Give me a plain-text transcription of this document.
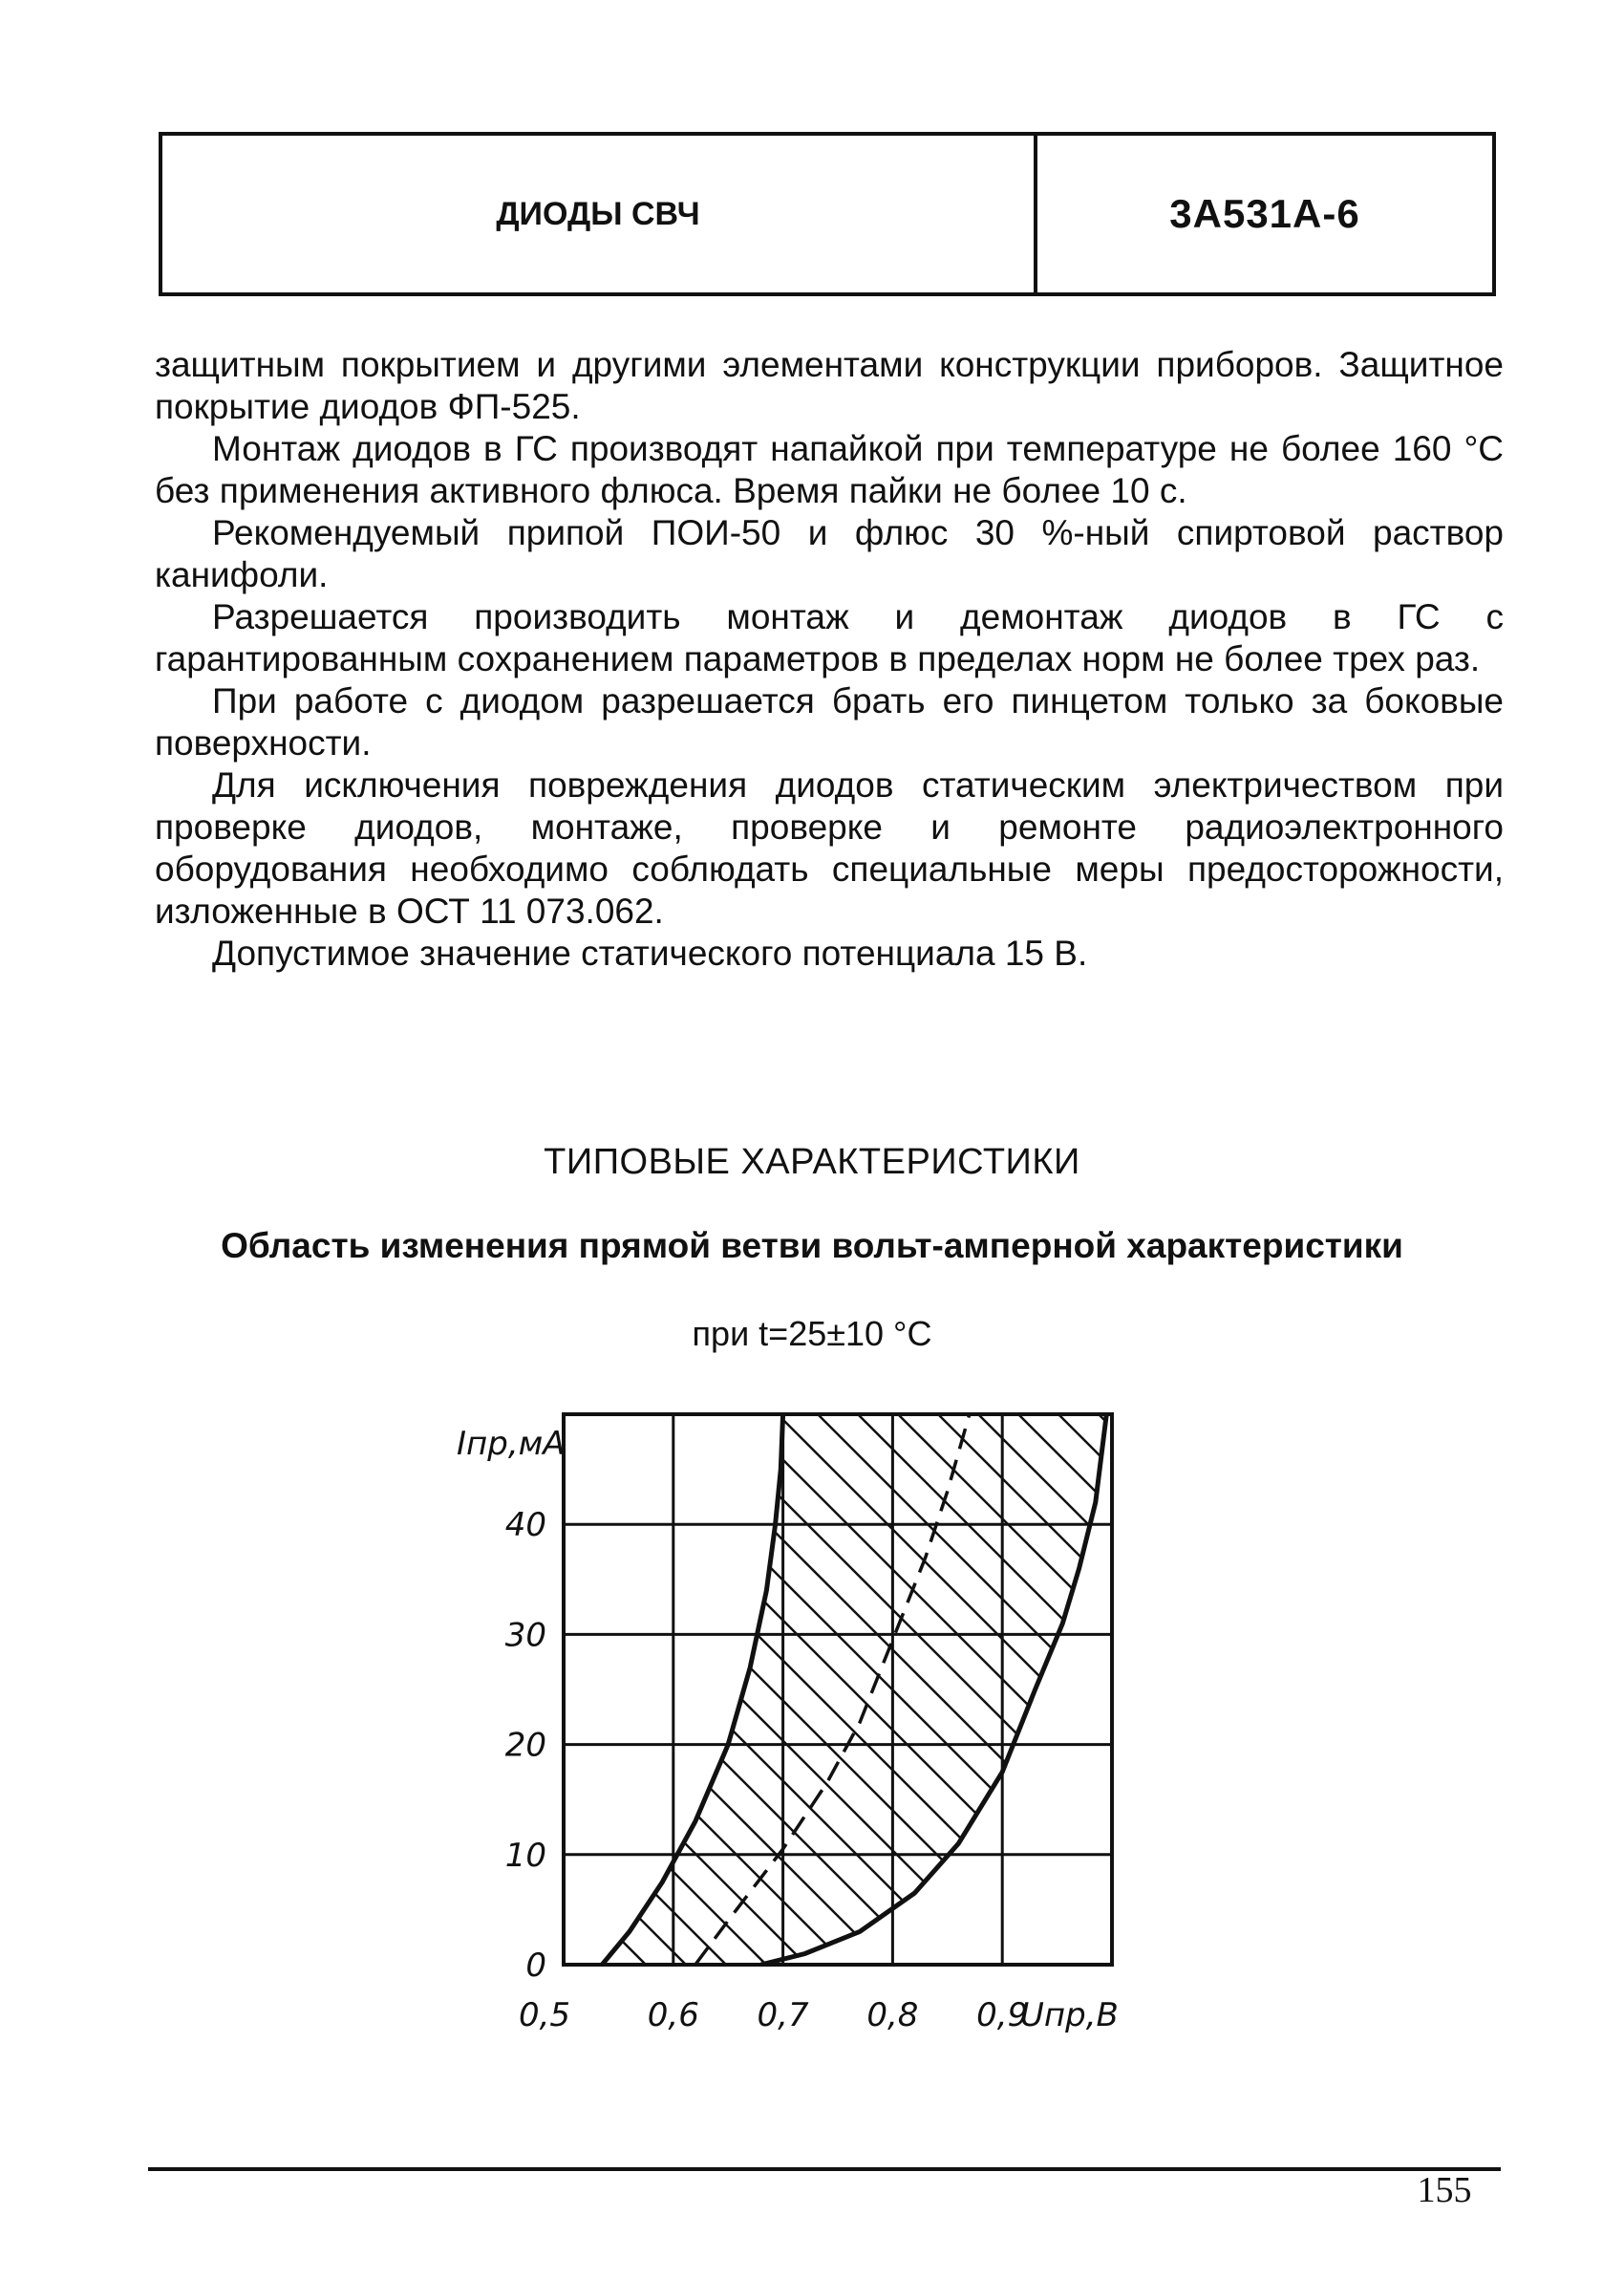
ДИОДЫ СВЧ	3А531А-6

защитным покрытием и другими элементами конструкции приборов. Защитное покрытие диодов ФП-525.

Монтаж диодов в ГС производят напайкой при температуре не более 160 °С без применения активного флюса. Время пайки не более 10 с.

Рекомендуемый припой ПОИ-50 и флюс 30 %-ный спиртовой раствор канифоли.

Разрешается производить монтаж и демонтаж диодов в ГС с гарантированным сохранением параметров в пределах норм не более трех раз.

При работе с диодом разрешается брать его пинцетом только за боковые поверхности.

Для исключения повреждения диодов статическим электричеством при проверке диодов, монтаже, проверке и ремонте радиоэлектронного оборудования необходимо соблюдать специальные меры предосторожности, изложенные в ОСТ 11 073.062.

Допустимое значение статического потенциала 15 В.

ТИПОВЫЕ ХАРАКТЕРИСТИКИ
Область изменения прямой ветви вольт-амперной характеристики
при t=25±10 °С
0,5 0,6 0,7 0,8 0,9
0
10
20
30
40
Iпр,мА
Uпр,В
155
